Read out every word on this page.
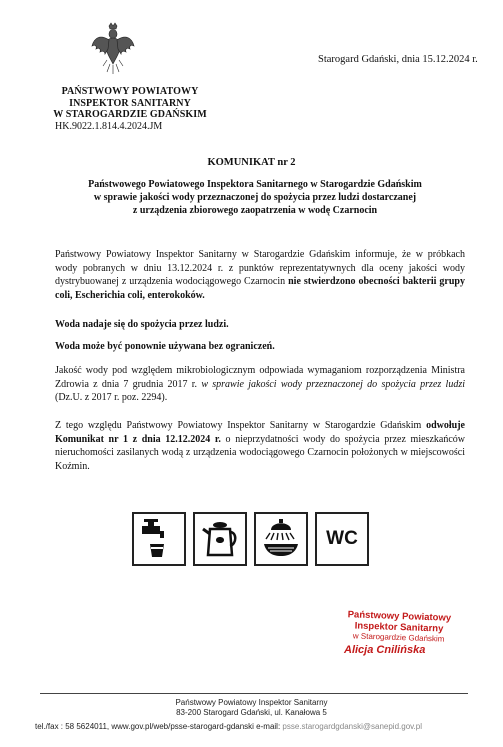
Starogard Gdański, dnia 15.12.2024 r.
PAŃSTWOWY POWIATOWY
INSPEKTOR SANITARNY
W STAROGARDZIE GDAŃSKIM
HK.9022.1.814.4.2024.JM
KOMUNIKAT nr 2
Państwowego Powiatowego Inspektora Sanitarnego w Starogardzie Gdańskim
w sprawie jakości wody przeznaczonej do spożycia przez ludzi dostarczanej
z urządzenia zbiorowego zaopatrzenia w wodę Czarnocin
Państwowy Powiatowy Inspektor Sanitarny w Starogardzie Gdańskim informuje, że w próbkach wody pobranych w dniu 13.12.2024 r. z punktów reprezentatywnych dla oceny jakości wody dystrybuowanej z urządzenia wodociągowego Czarnocin nie stwierdzono obecności bakterii grupy coli, Escherichia coli, enterokoków.
Woda nadaje się do spożycia przez ludzi.
Woda może być ponownie używana bez ograniczeń.
Jakość wody pod względem mikrobiologicznym odpowiada wymaganiom rozporządzenia Ministra Zdrowia z dnia 7 grudnia 2017 r. w sprawie jakości wody przeznaczonej do spożycia przez ludzi (Dz.U. z 2017 r. poz. 2294).
Z tego względu Państwowy Powiatowy Inspektor Sanitarny w Starogardzie Gdańskim odwołuje Komunikat nr 1 z dnia 12.12.2024 r. o nieprzydatności wody do spożycia przez mieszkańców nieruchomości zasilanych wodą z urządzenia wodociągowego Czarnocin położonych w miejscowości Koźmin.
WC
Państwowy Powiatowy
Inspektor Sanitarny
w Starogardzie Gdańskim
Alicja Cnilińska
Państwowy Powiatowy Inspektor Sanitarny
83-200 Starogard Gdański, ul. Kanałowa 5
tel./fax : 58 5624011, www.gov.pl/web/psse-starogard-gdanski e-mail: psse.starogardgdanski@sanepid.gov.pl
